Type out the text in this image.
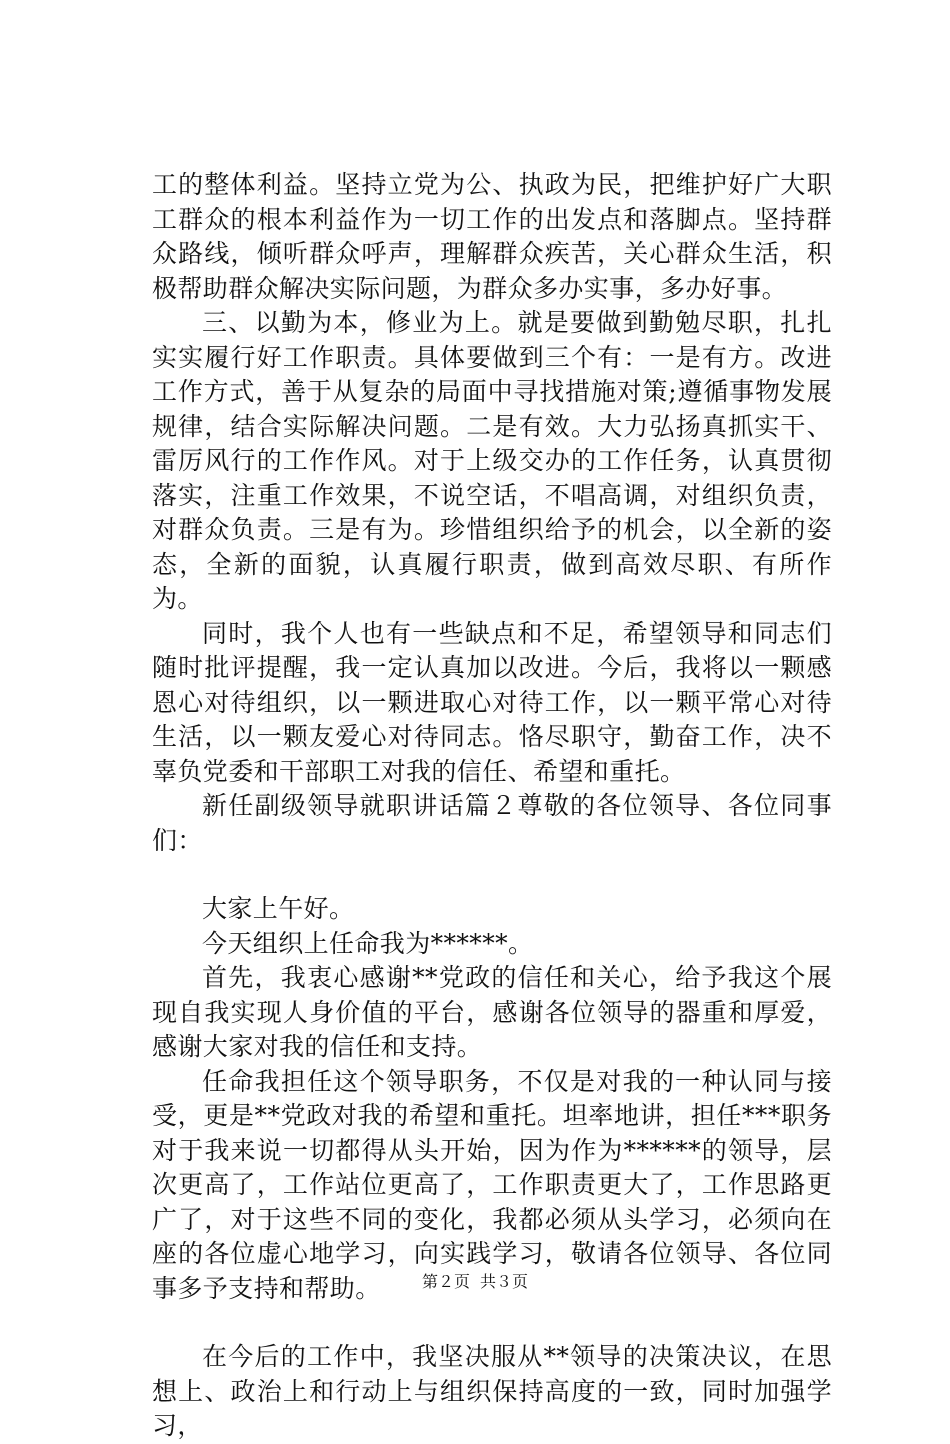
工的整体利益。坚持立党为公、执政为民，把维护好广大职工群众的根本利益作为一切工作的出发点和落脚点。坚持群众路线，倾听群众呼声，理解群众疾苦，关心群众生活，积极帮助群众解决实际问题，为群众多办实事，多办好事。

三、以勤为本，修业为上。就是要做到勤勉尽职，扎扎实实履行好工作职责。具体要做到三个有：一是有方。改进工作方式，善于从复杂的局面中寻找措施对策;遵循事物发展规律，结合实际解决问题。二是有效。大力弘扬真抓实干、雷厉风行的工作作风。对于上级交办的工作任务，认真贯彻落实，注重工作效果，不说空话，不唱高调，对组织负责，对群众负责。三是有为。珍惜组织给予的机会，以全新的姿态，全新的面貌，认真履行职责，做到高效尽职、有所作为。

同时，我个人也有一些缺点和不足，希望领导和同志们随时批评提醒，我一定认真加以改进。今后，我将以一颗感恩心对待组织，以一颗进取心对待工作，以一颗平常心对待生活，以一颗友爱心对待同志。恪尽职守，勤奋工作，决不辜负党委和干部职工对我的信任、希望和重托。

新任副级领导就职讲话篇２尊敬的各位领导、各位同事们：

大家上午好。

今天组织上任命我为******。

首先，我衷心感谢**党政的信任和关心，给予我这个展现自我实现人身价值的平台，感谢各位领导的器重和厚爱，感谢大家对我的信任和支持。

任命我担任这个领导职务，不仅是对我的一种认同与接受，更是**党政对我的希望和重托。坦率地讲，担任***职务对于我来说一切都得从头开始，因为作为******的领导，层次更高了，工作站位更高了，工作职责更大了，工作思路更广了，对于这些不同的变化，我都必须从头学习，必须向在座的各位虚心地学习，向实践学习，敬请各位领导、各位同事多予支持和帮助。

在今后的工作中，我坚决服从**领导的决策决议，在思想上、政治上和行动上与组织保持高度的一致，同时加强学习，

第２页 共３页
